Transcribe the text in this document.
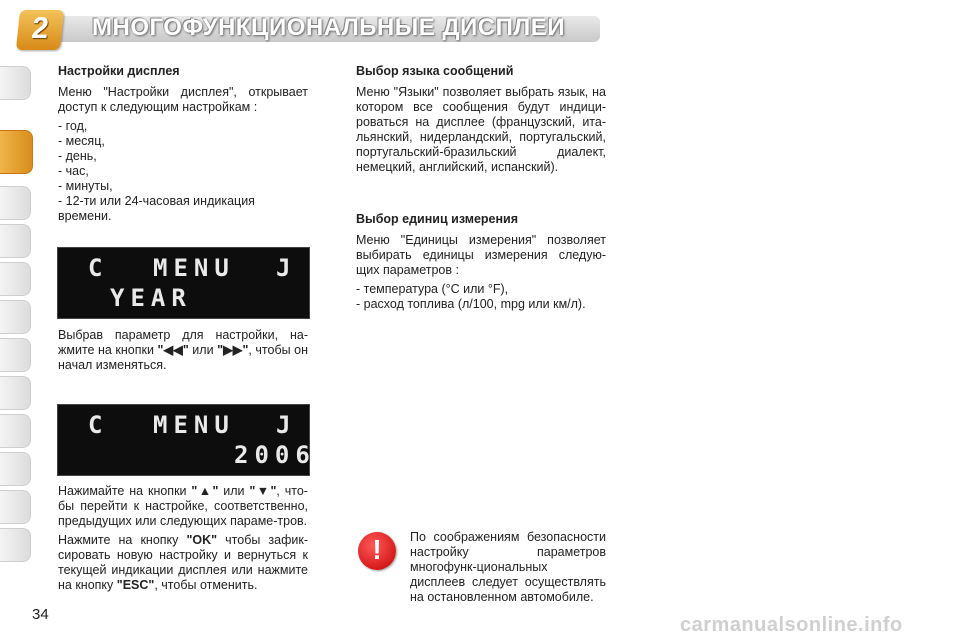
2	МНОГОФУНКЦИОНАЛЬНЫЕ ДИСПЛЕИ
Настройки дисплея

Меню "Настройки дисплея", открывает доступ к следующим настройкам :

- год,
- месяц,
- день,
- час,
- минуты,
- 12-ти или 24-часовая индикация времени.
C MENU J
YEAR

Выбрав параметр для настройки, на-жмите на кнопки "◀◀" или "▶▶", чтобы он начал изменяться.

C MENU J
2006

Нажимайте на кнопки "▲" или "▼", что-бы перейти к настройке, соответственно, предыдущих или следующих параме-тров.

Нажмите на кнопку "OK" чтобы зафик-сировать новую настройку и вернуться к текущей индикации дисплея или нажмите на кнопку "ESC", чтобы отменить.

Выбор языка сообщений

Меню "Языки" позволяет выбрать язык, на котором все сообщения будут индици-роваться на дисплее (французский, ита-льянский, нидерландский, португальский, португальский-бразильский диалект, немецкий, английский, испанский).

Выбор единиц измерения

Меню "Единицы измерения" позволяет выбирать единицы измерения следую-щих параметров :

- температура (°C или °F),
- расход топлива (л/100, mpg или км/л).
!	По соображениям безопасности настройку параметров многофунк-циональных дисплеев следует осуществлять на остановленном автомобиле.
34	carmanualsonline.info
